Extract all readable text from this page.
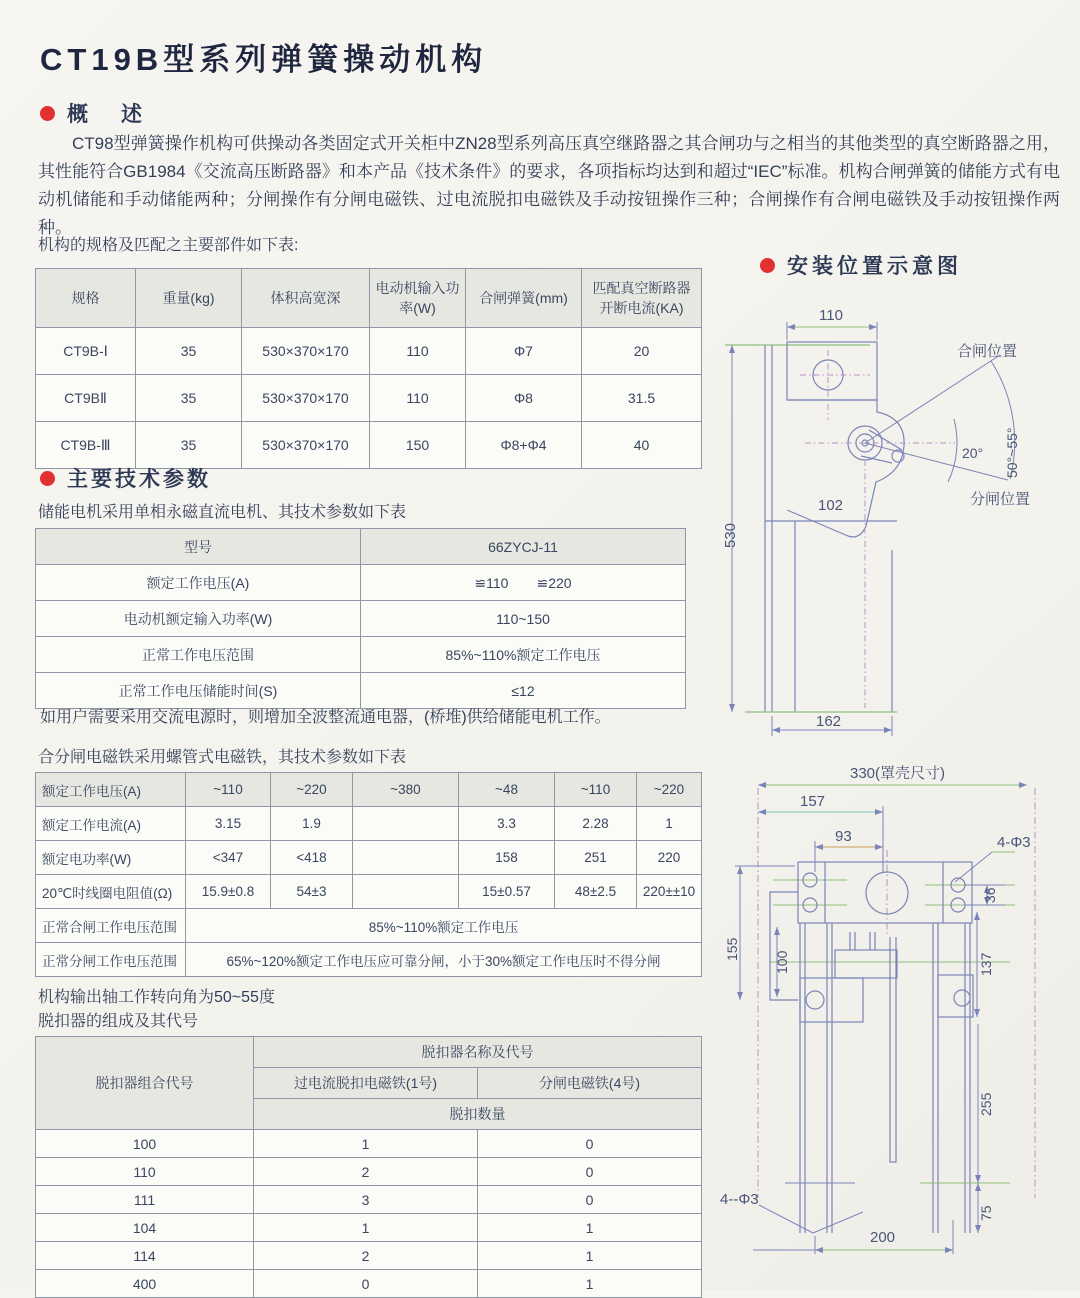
CT19B型系列弹簧操动机构
概　述

CT98型弹簧操作机构可供操动各类固定式开关柜中ZN28型系列高压真空继路器之其合闸功与之相当的其他类型的真空断路器之用，其性能符合GB1984《交流高压断路器》和本产品《技术条件》的要求，各项指标均达到和超过“IEC”标准。机构合闸弹簧的储能方式有电动机储能和手动储能两种；分闸操作有分闸电磁铁、过电流脱扣电磁铁及手动按钮操作三种；合闸操作有合闸电磁铁及手动按钮操作两种。

机构的规格及匹配之主要部件如下表:

规格	重量(kg)	体积高宽深	电动机输入功率(W)	合闸弹簧(mm)	匹配真空断路器开断电流(KA)
CT9B-Ⅰ	35	530×370×170	110	Φ7	20
CT9BⅡ	35	530×370×170	110	Φ8	31.5
CT9B-Ⅲ	35	530×370×170	150	Φ8+Φ4	40
主要技术参数

储能电机采用单相永磁直流电机、其技术参数如下表

型号	66ZYCJ-11
额定工作电压(A)	≌110　　≌220
电动机额定输入功率(W)	110~150
正常工作电压范围	85%~110%额定工作电压
正常工作电压储能时间(S)	≤12

如用户需要采用交流电源时，则增加全波整流通电器，(桥堆)供给储能电机工作。

合分闸电磁铁采用螺管式电磁铁，其技术参数如下表

额定工作电压(A)	~110	~220	~380	~48	~110	~220
额定工作电流(A)	3.15	1.9		3.3	2.28	1
额定电功率(W)	<347	<418		158	251	220
20℃时线圈电阻值(Ω)	15.9±0.8	54±3		15±0.57	48±2.5	220±±10
正常合闸工作电压范围	85%~110%额定工作电压					
正常分闸工作电压范围	65%~120%额定工作电压应可靠分闸，小于30%额定工作电压时不得分闸					

机构输出轴工作转向角为50~55度

脱扣器的组成及其代号

脱扣器组合代号	脱扣器名称及代号	
	过电流脱扣电磁铁(1号)	分闸电磁铁(4号)
	脱扣数量	
100	1	0
110	2	0
111	3	0
104	1	1
114	2	1
400	0	1
安装位置示意图
110
530
102
162
合闸位置
分闸位置
20° 50°~55°
330(罩壳尺寸)
157
93	4-Φ3
36
137
100
155
255
75
4--Φ3
200
